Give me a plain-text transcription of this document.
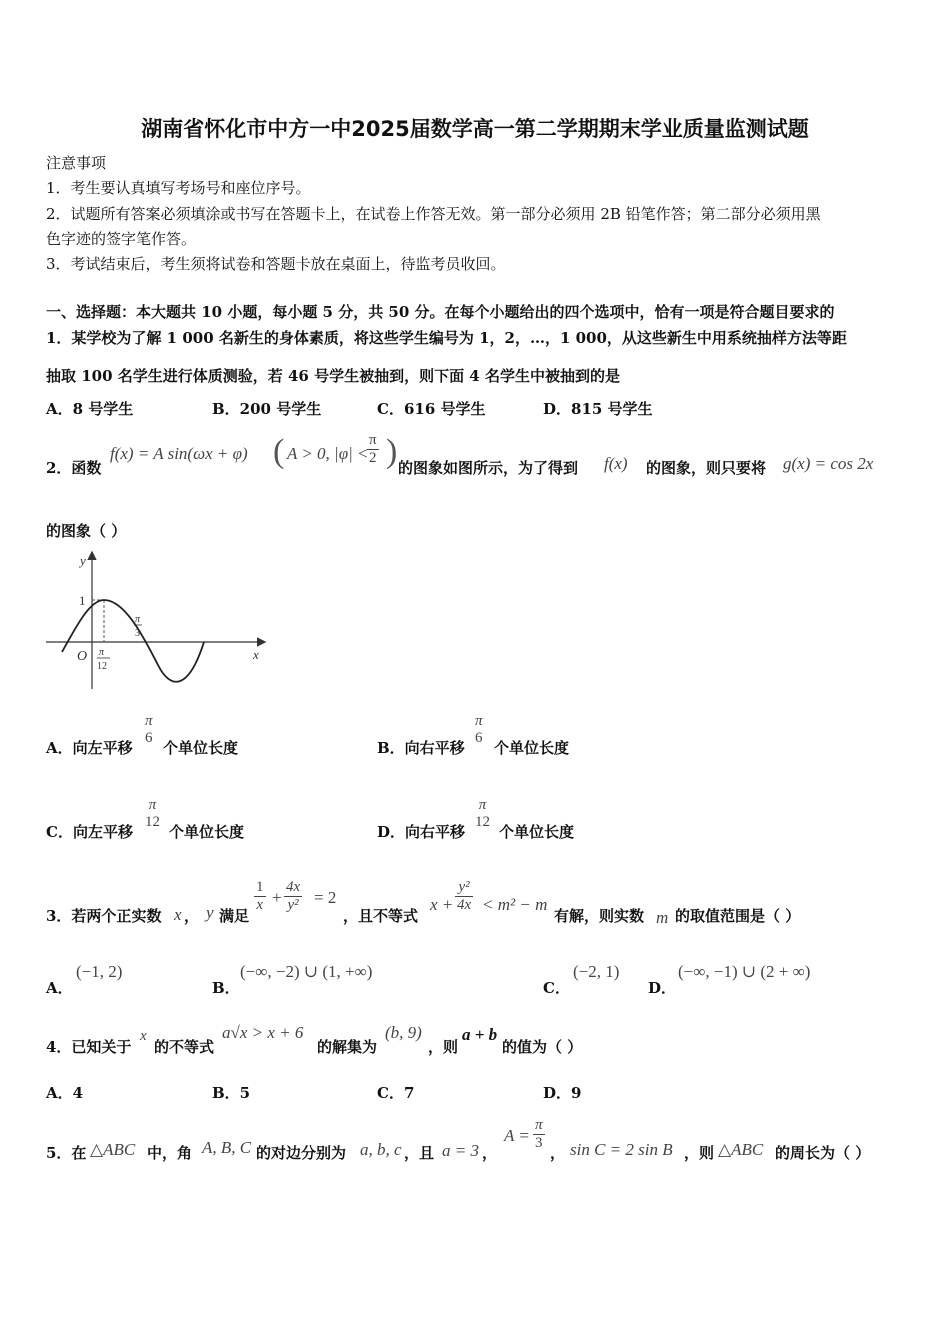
湖南省怀化市中方一中2025届数学高一第二学期期末学业质量监测试题
注意事项
1．考生要认真填写考场号和座位序号。
2．试题所有答案必须填涂或书写在答题卡上，在试卷上作答无效。第一部分必须用 2B 铅笔作答；第二部分必须用黑
色字迹的签字笔作答。
3．考试结束后，考生须将试卷和答题卡放在桌面上，待监考员收回。
一、选择题：本大题共 10 小题，每小题 5 分，共 50 分。在每个小题给出的四个选项中，恰有一项是符合题目要求的
1．某学校为了解 1 000 名新生的身体素质，将这些学生编号为 1，2，…，1 000，从这些新生中用系统抽样方法等距
抽取 100 名学生进行体质测验，若 46 号学生被抽到，则下面 4 名学生中被抽到的是
A．8 号学生	B．200 号学生	C．616 号学生	D．815 号学生
2．函数
f(x) = A sin(ωx + φ) ( A > 0, |φ| <
$\frac{\pi}{2}$ ) 的图象如图所示，为了得到 f(x) 的图象，则只要将 g(x) = cos 2x
的图象（ ）
y
x
O
1
π
12
π
3
A．向左平移
π
6
个单位长度	B．向右平移
π
6
个单位长度
C．向左平移
π
12
个单位长度	D．向右平移
π
12
个单位长度
3．若两个正实数 x ， y 满足
$\frac{1}{x} + \frac{4x}{\text{y²}} = 2$
，且不等式
$x + \frac{\text{y²}}{4x} < m^2 - m$
有解，则实数 m 的取值范围是（ ）
A．
(−1, 2)
B．
(−∞, −2) ∪ (1, +∞)
C．
(−2, 1)
D．
(−∞, −1) ∪ (2 + ∞)
4．已知关于
x
的不等式
a√x > x + 6
的解集为
(b, 9)
，则
a + b
的值为（ ）
A．4	B．5	C．7	D．9
5．在 △ABC 中，角 A, B, C 的对边分别为 a, b, c ，且 a = 3 ，
$A = \frac{\pi}{3}$
， sin C = 2 sin B ，则 △ABC 的周长为（ ）
